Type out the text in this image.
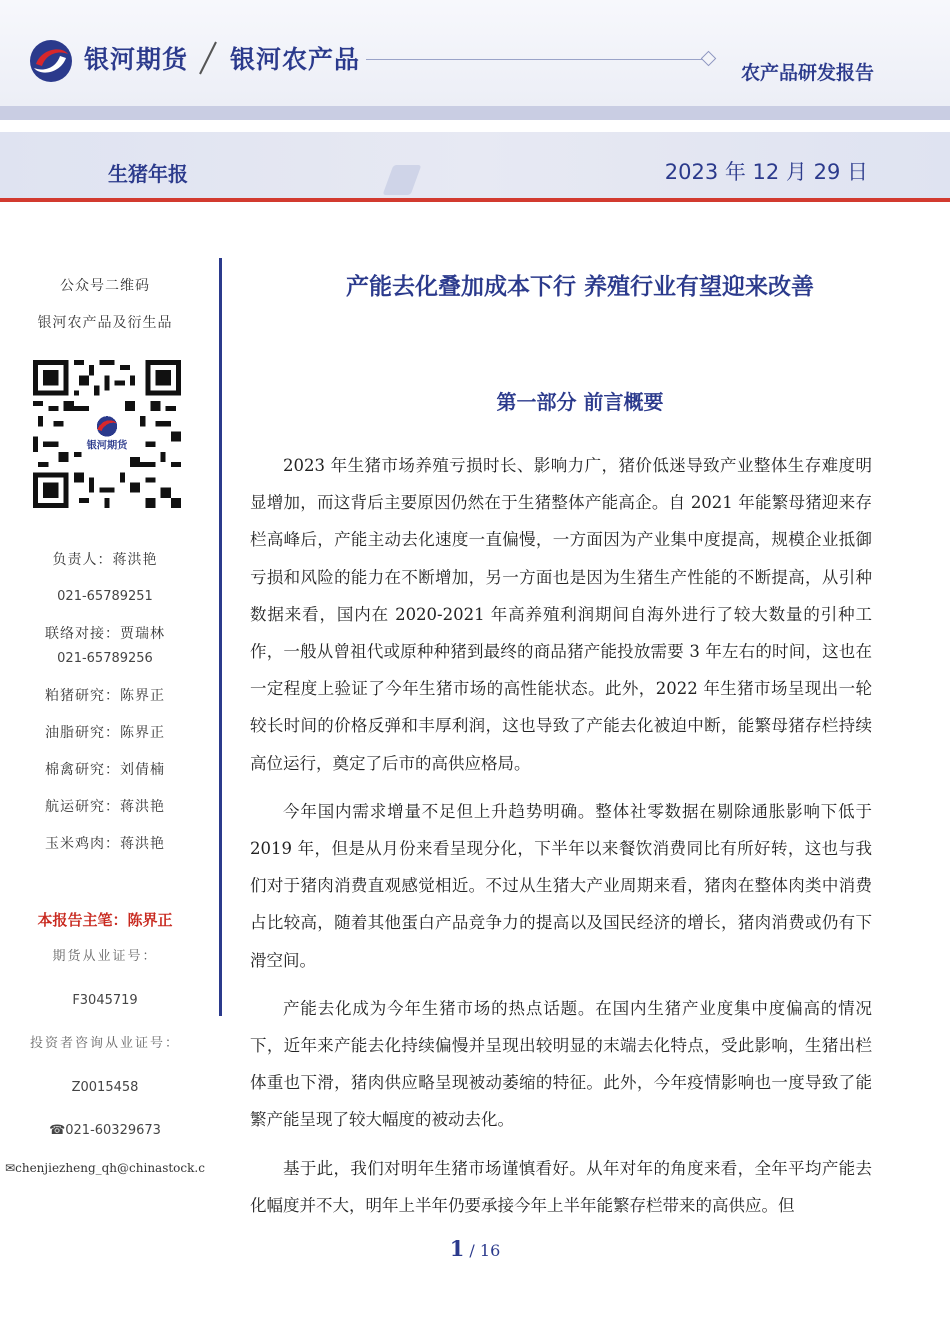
银河期货 银河农产品	农产品研发报告
生猪年报	2023 年 12 月 29 日
公众号二维码
银河农产品及衍生品
银河期货
负责人：蒋洪艳
021-65789251
联络对接：贾瑞林
021-65789256
粕猪研究：陈界正
油脂研究：陈界正
棉禽研究：刘倩楠
航运研究：蒋洪艳
玉米鸡肉：蒋洪艳
本报告主笔：陈界正
期货从业证号：
F3045719
投资者咨询从业证号：
Z0015458
☎021-60329673
✉chenjiezheng_qh@chinastock.c
产能去化叠加成本下行 养殖行业有望迎来改善
第一部分 前言概要

2023 年生猪市场养殖亏损时长、影响力广，猪价低迷导致产业整体生存难度明显增加，而这背后主要原因仍然在于生猪整体产能高企。自 2021 年能繁母猪迎来存栏高峰后，产能主动去化速度一直偏慢，一方面因为产业集中度提高，规模企业抵御亏损和风险的能力在不断增加，另一方面也是因为生猪生产性能的不断提高，从引种数据来看，国内在 2020-2021 年高养殖利润期间自海外进行了较大数量的引种工作，一般从曾祖代或原种种猪到最终的商品猪产能投放需要 3 年左右的时间，这也在一定程度上验证了今年生猪市场的高性能状态。此外，2022 年生猪市场呈现出一轮较长时间的价格反弹和丰厚利润，这也导致了产能去化被迫中断，能繁母猪存栏持续高位运行，奠定了后市的高供应格局。

今年国内需求增量不足但上升趋势明确。整体社零数据在剔除通胀影响下低于 2019 年，但是从月份来看呈现分化，下半年以来餐饮消费同比有所好转，这也与我们对于猪肉消费直观感觉相近。不过从生猪大产业周期来看，猪肉在整体肉类中消费占比较高，随着其他蛋白产品竞争力的提高以及国民经济的增长，猪肉消费或仍有下滑空间。

产能去化成为今年生猪市场的热点话题。在国内生猪产业度集中度偏高的情况下，近年来产能去化持续偏慢并呈现出较明显的末端去化特点，受此影响，生猪出栏体重也下滑，猪肉供应略呈现被动萎缩的特征。此外，今年疫情影响也一度导致了能繁产能呈现了较大幅度的被动去化。

基于此，我们对明年生猪市场谨慎看好。从年对年的角度来看，全年平均产能去化幅度并不大，明年上半年仍要承接今年上半年能繁存栏带来的高供应。但

1 / 16
